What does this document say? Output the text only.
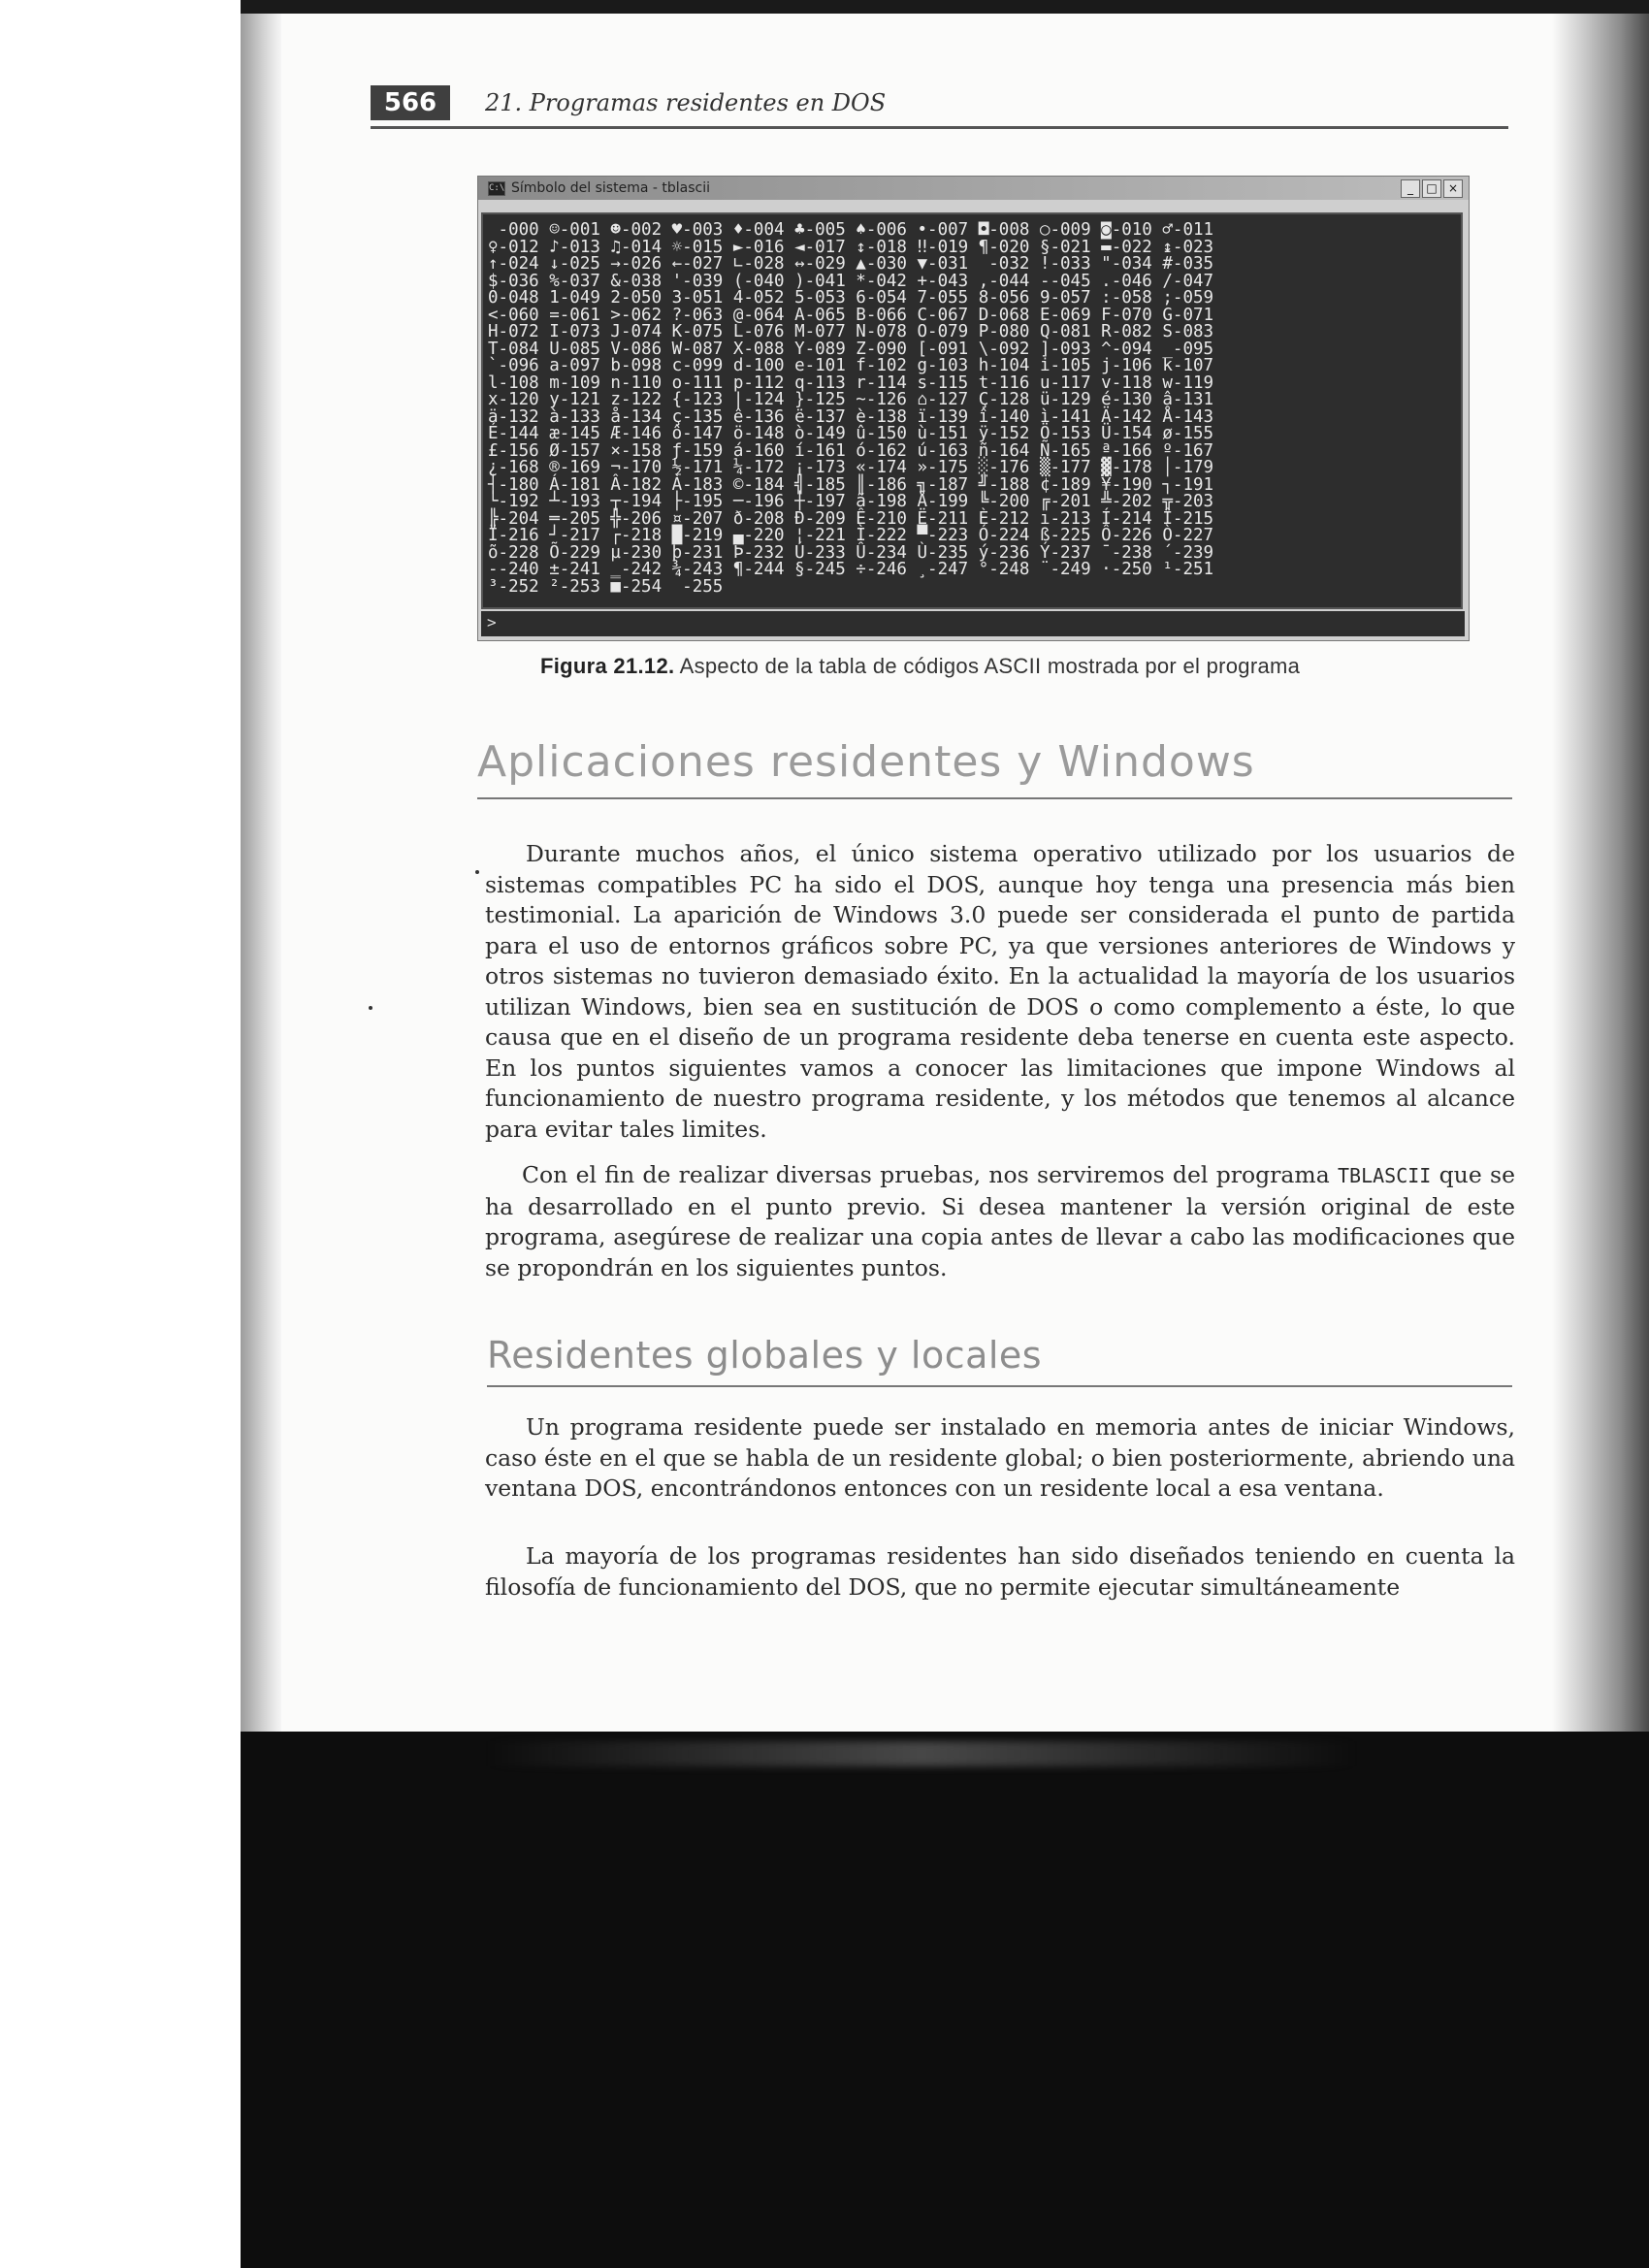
566	21. Programas residentes en DOS
C:\ Símbolo del sistema - tblascii	_	□ ×
-000 ☺-001 ☻-002 ♥-003 ♦-004 ♣-005 ♠-006 •-007 ◘-008 ○-009 ◙-010 ♂-011
♀-012 ♪-013 ♫-014 ☼-015 ►-016 ◄-017 ↕-018 ‼-019 ¶-020 §-021 ▬-022 ↨-023
↑-024 ↓-025 →-026 ←-027 ∟-028 ↔-029 ▲-030 ▼-031  -032 !-033 "-034 #-035
$-036 %-037 &-038 '-039 (-040 )-041 *-042 +-043 ,-044 --045 .-046 /-047
0-048 1-049 2-050 3-051 4-052 5-053 6-054 7-055 8-056 9-057 :-058 ;-059
<-060 =-061 >-062 ?-063 @-064 A-065 B-066 C-067 D-068 E-069 F-070 G-071
H-072 I-073 J-074 K-075 L-076 M-077 N-078 O-079 P-080 Q-081 R-082 S-083
T-084 U-085 V-086 W-087 X-088 Y-089 Z-090 [-091 \-092 ]-093 ^-094 _-095
`-096 a-097 b-098 c-099 d-100 e-101 f-102 g-103 h-104 i-105 j-106 k-107
l-108 m-109 n-110 o-111 p-112 q-113 r-114 s-115 t-116 u-117 v-118 w-119
x-120 y-121 z-122 {-123 |-124 }-125 ~-126 ⌂-127 Ç-128 ü-129 é-130 â-131
ä-132 à-133 å-134 ç-135 ê-136 ë-137 è-138 ï-139 î-140 ì-141 Ä-142 Å-143
É-144 æ-145 Æ-146 ô-147 ö-148 ò-149 û-150 ù-151 ÿ-152 Ö-153 Ü-154 ø-155
£-156 Ø-157 ×-158 ƒ-159 á-160 í-161 ó-162 ú-163 ñ-164 Ñ-165 ª-166 º-167
¿-168 ®-169 ¬-170 ½-171 ¼-172 ¡-173 «-174 »-175 ░-176 ▒-177 ▓-178 │-179
┤-180 Á-181 Â-182 À-183 ©-184 ╣-185 ║-186 ╗-187 ╝-188 ¢-189 ¥-190 ┐-191
└-192 ┴-193 ┬-194 ├-195 ─-196 ┼-197 ã-198 Ã-199 ╚-200 ╔-201 ╩-202 ╦-203
╠-204 ═-205 ╬-206 ¤-207 ð-208 Ð-209 Ê-210 Ë-211 È-212 ı-213 Í-214 Î-215
Ï-216 ┘-217 ┌-218 █-219 ▄-220 ¦-221 Ì-222 ▀-223 Ó-224 ß-225 Ô-226 Ò-227
õ-228 Õ-229 µ-230 þ-231 Þ-232 Ú-233 Û-234 Ù-235 ý-236 Ý-237 ¯-238 ´-239
--240 ±-241 ‗-242 ¾-243 ¶-244 §-245 ÷-246 ¸-247 °-248 ¨-249 ·-250 ¹-251
³-252 ²-253 ■-254  -255

>
Figura 21.12. Aspecto de la tabla de códigos ASCII mostrada por el programa
Aplicaciones residentes y Windows

Durante muchos años, el único sistema operativo utilizado por los usuarios de sistemas compatibles PC ha sido el DOS, aunque hoy tenga una presencia más bien testimonial. La aparición de Windows 3.0 puede ser considerada el punto de partida para el uso de entornos gráficos sobre PC, ya que versiones anteriores de Windows y otros sistemas no tuvieron demasiado éxito. En la actualidad la mayoría de los usuarios utilizan Windows, bien sea en sustitución de DOS o como complemento a éste, lo que causa que en el diseño de un programa residente deba tenerse en cuenta este aspecto. En los puntos siguientes vamos a conocer las limitaciones que impone Windows al funcionamiento de nuestro programa residente, y los métodos que tenemos al alcance para evitar tales limites.

Con el fin de realizar diversas pruebas, nos serviremos del programa TBLASCII que se ha desarrollado en el punto previo. Si desea mantener la versión original de este programa, asegúrese de realizar una copia antes de llevar a cabo las modificaciones que se propondrán en los siguientes puntos.

Residentes globales y locales

Un programa residente puede ser instalado en memoria antes de iniciar Windows, caso éste en el que se habla de un residente global; o bien posteriormente, abriendo una ventana DOS, encontrándonos entonces con un residente local a esa ventana.

La mayoría de los programas residentes han sido diseñados teniendo en cuenta la filosofía de funcionamiento del DOS, que no permite ejecutar simultáneamente
